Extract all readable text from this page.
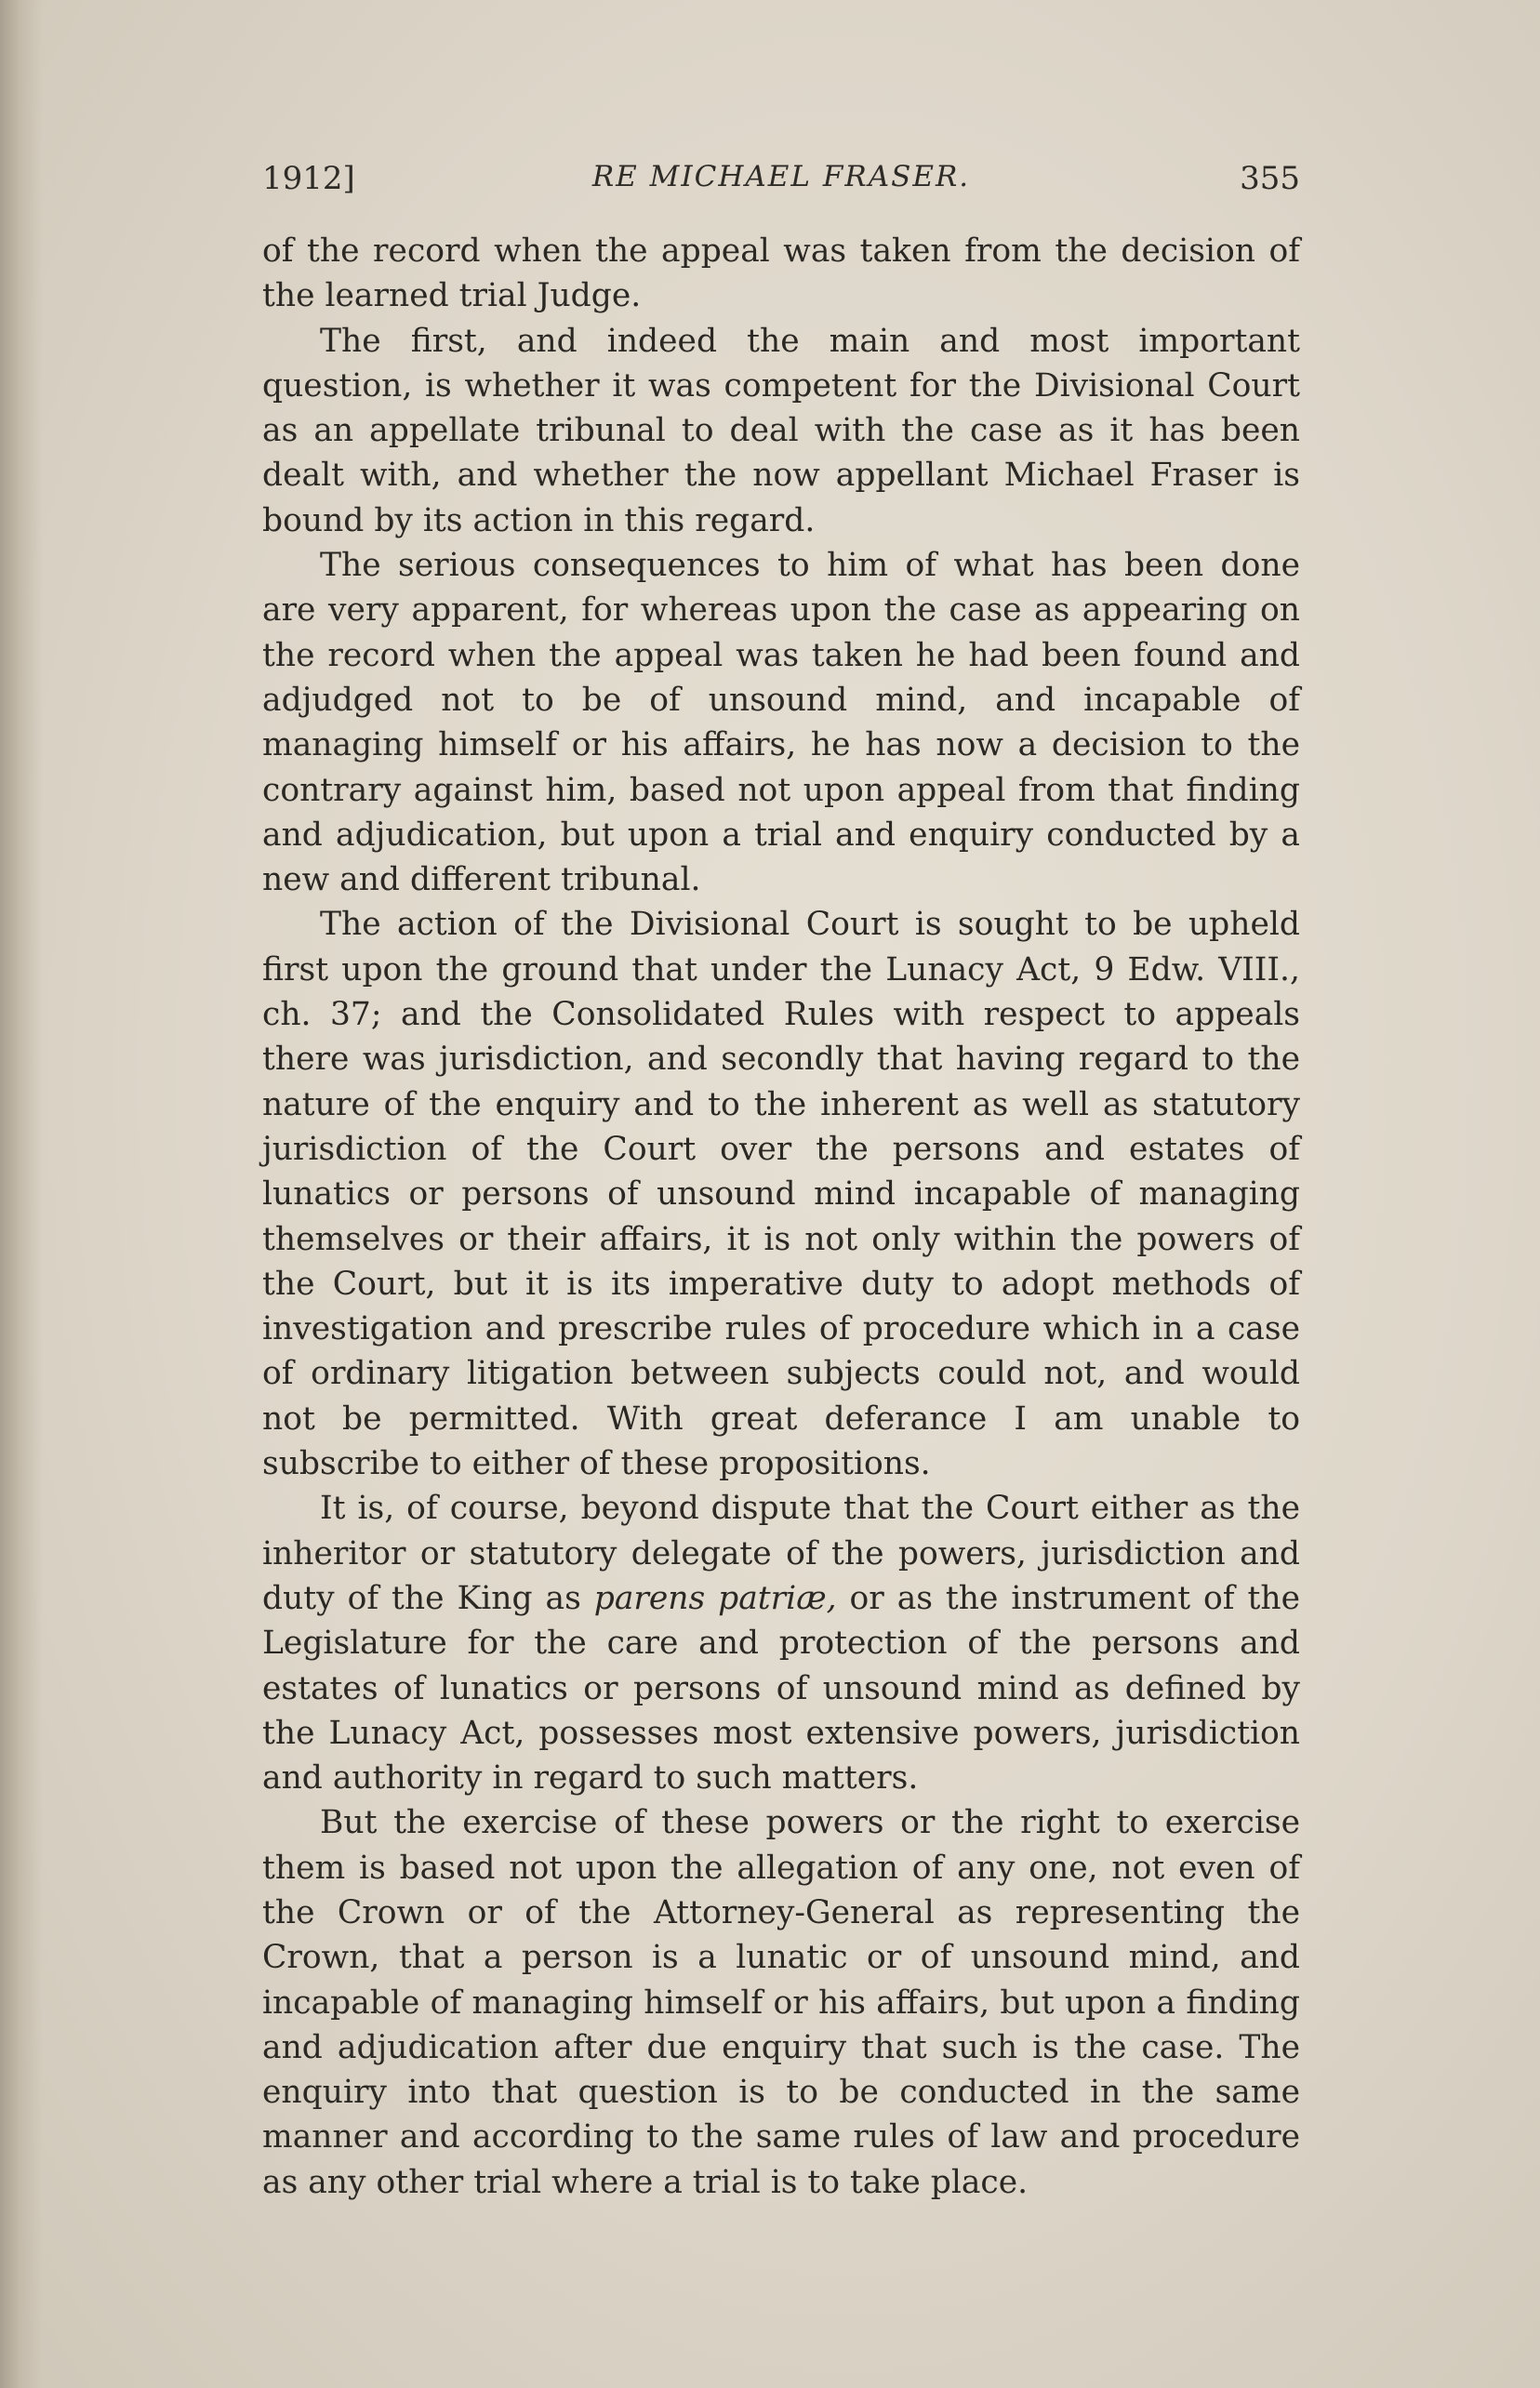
1912]	RE MICHAEL FRASER.	355

of the record when the appeal was taken from the decision of the learned trial Judge.

The first, and indeed the main and most important question, is whether it was competent for the Divisional Court as an appellate tribunal to deal with the case as it has been dealt with, and whether the now appellant Michael Fraser is bound by its action in this regard.

The serious consequences to him of what has been done are very apparent, for whereas upon the case as appearing on the record when the appeal was taken he had been found and adjudged not to be of unsound mind, and incapable of managing himself or his affairs, he has now a decision to the contrary against him, based not upon appeal from that finding and adjudication, but upon a trial and enquiry conducted by a new and different tribunal.

The action of the Divisional Court is sought to be upheld first upon the ground that under the Lunacy Act, 9 Edw. VIII., ch. 37; and the Consolidated Rules with respect to appeals there was jurisdiction, and secondly that having regard to the nature of the enquiry and to the inherent as well as statutory jurisdiction of the Court over the persons and estates of lunatics or persons of unsound mind incapable of managing themselves or their affairs, it is not only within the powers of the Court, but it is its imperative duty to adopt methods of investigation and prescribe rules of procedure which in a case of ordinary litigation between subjects could not, and would not be permitted. With great deferance I am unable to subscribe to either of these propositions.

It is, of course, beyond dispute that the Court either as the inheritor or statutory delegate of the powers, jurisdiction and duty of the King as parens patriæ, or as the instrument of the Legislature for the care and protection of the persons and estates of lunatics or persons of unsound mind as defined by the Lunacy Act, possesses most extensive powers, jurisdiction and authority in regard to such matters.

But the exercise of these powers or the right to exercise them is based not upon the allegation of any one, not even of the Crown or of the Attorney-General as representing the Crown, that a person is a lunatic or of unsound mind, and incapable of managing himself or his affairs, but upon a finding and adjudication after due enquiry that such is the case. The enquiry into that question is to be conducted in the same manner and according to the same rules of law and procedure as any other trial where a trial is to take place.
